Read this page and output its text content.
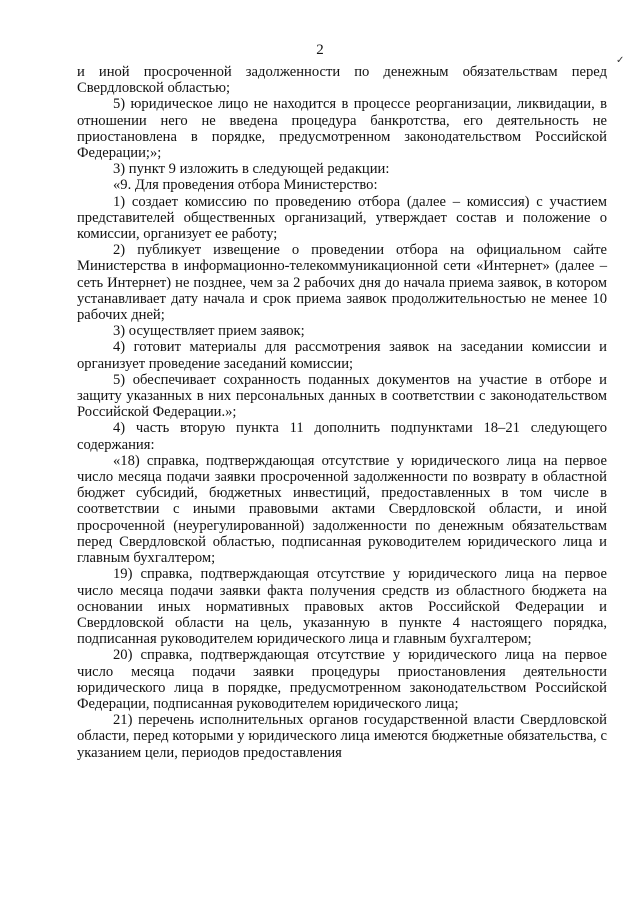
2
✓

и иной просроченной задолженности по денежным обязательствам перед Свердловской областью;

5) юридическое лицо не находится в процессе реорганизации, ликвидации, в отношении него не введена процедура банкротства, его деятельность не приостановлена в порядке, предусмотренном законодательством Российской Федерации;»;

3) пункт 9 изложить в следующей редакции:

«9. Для проведения отбора Министерство:

1) создает комиссию по проведению отбора (далее – комиссия) с участием представителей общественных организаций, утверждает состав и положение о комиссии, организует ее работу;

2) публикует извещение о проведении отбора на официальном сайте Министерства в информационно-телекоммуникационной сети «Интернет» (далее – сеть Интернет) не позднее, чем за 2 рабочих дня до начала приема заявок, в котором устанавливает дату начала и срок приема заявок продолжительностью не менее 10 рабочих дней;

3) осуществляет прием заявок;

4) готовит материалы для рассмотрения заявок на заседании комиссии и организует проведение заседаний комиссии;

5) обеспечивает сохранность поданных документов на участие в отборе и защиту указанных в них персональных данных в соответствии с законодательством Российской Федерации.»;

4) часть вторую пункта 11 дополнить подпунктами 18–21 следующего содержания:

«18) справка, подтверждающая отсутствие у юридического лица на первое число месяца подачи заявки просроченной задолженности по возврату в областной бюджет субсидий, бюджетных инвестиций, предоставленных в том числе в соответствии с иными правовыми актами Свердловской области, и иной просроченной (неурегулированной) задолженности по денежным обязательствам перед Свердловской областью, подписанная руководителем юридического лица и главным бухгалтером;

19) справка, подтверждающая отсутствие у юридического лица на первое число месяца подачи заявки факта получения средств из областного бюджета на основании иных нормативных правовых актов Российской Федерации и Свердловской области на цель, указанную в пункте 4 настоящего порядка, подписанная руководителем юридического лица и главным бухгалтером;

20) справка, подтверждающая отсутствие у юридического лица на первое число месяца подачи заявки процедуры приостановления деятельности юридического лица в порядке, предусмотренном законодательством Российской Федерации, подписанная руководителем юридического лица;

21) перечень исполнительных органов государственной власти Свердловской области, перед которыми у юридического лица имеются бюджетные обязательства, с указанием цели, периодов предоставления
